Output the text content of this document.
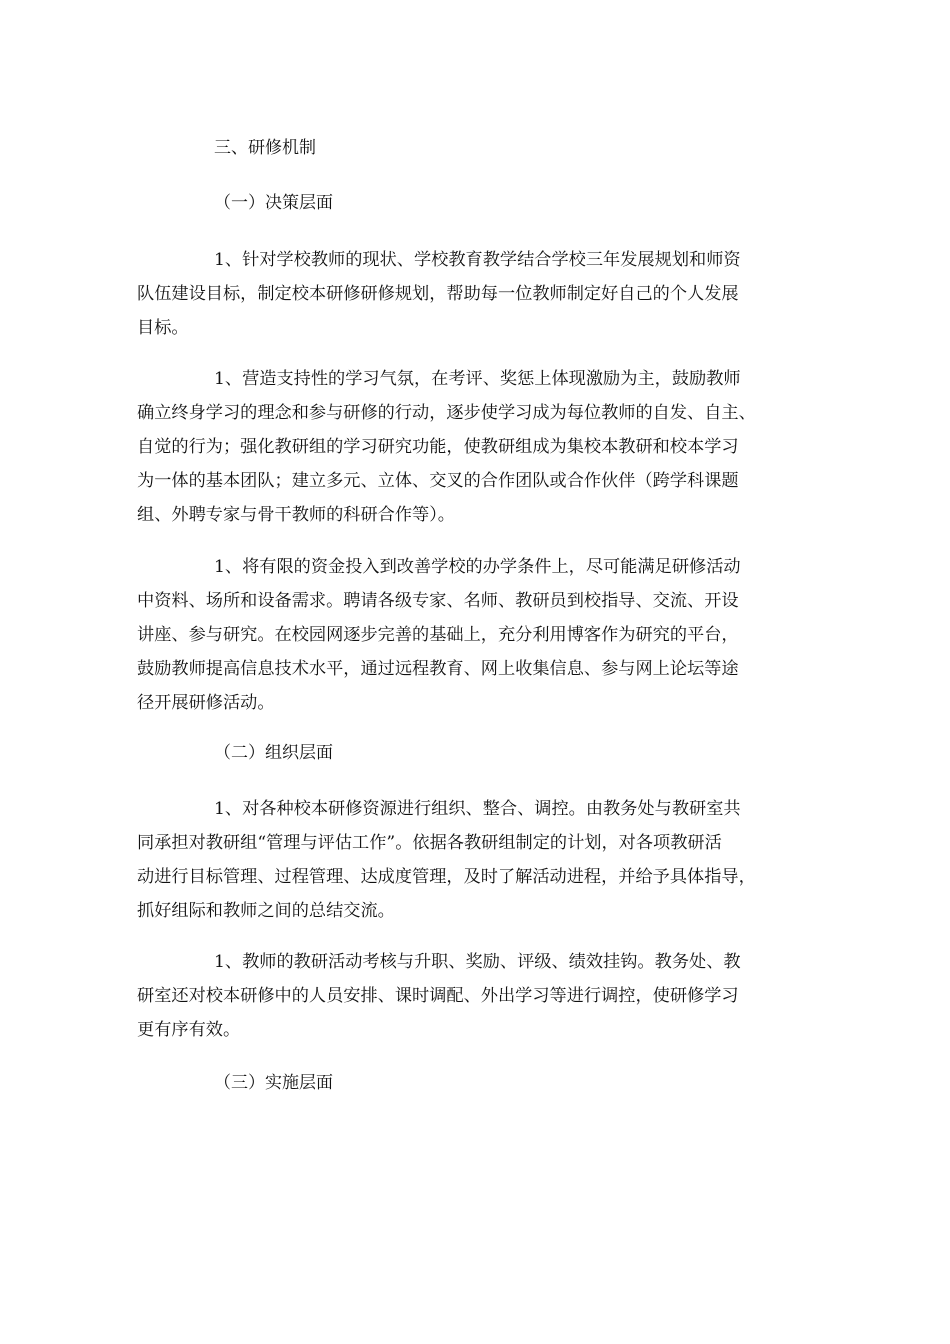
三、研修机制
（一）决策层面
1、针对学校教师的现状、学校教育教学结合学校三年发展规划和师资
队伍建设目标，制定校本研修研修规划，帮助每一位教师制定好自己的个人发展
目标。
1、营造支持性的学习气氛，在考评、奖惩上体现激励为主，鼓励教师
确立终身学习的理念和参与研修的行动，逐步使学习成为每位教师的自发、自主、
自觉的行为；强化教研组的学习研究功能，使教研组成为集校本教研和校本学习
为一体的基本团队；建立多元、立体、交叉的合作团队或合作伙伴（跨学科课题
组、外聘专家与骨干教师的科研合作等）。
1、将有限的资金投入到改善学校的办学条件上，尽可能满足研修活动
中资料、场所和设备需求。聘请各级专家、名师、教研员到校指导、交流、开设
讲座、参与研究。在校园网逐步完善的基础上，充分利用博客作为研究的平台，
鼓励教师提高信息技术水平，通过远程教育、网上收集信息、参与网上论坛等途
径开展研修活动。
（二）组织层面
1、对各种校本研修资源进行组织、整合、调控。由教务处与教研室共
同承担对教研组“管理与评估工作”。依据各教研组制定的计划，对各项教研活
动进行目标管理、过程管理、达成度管理，及时了解活动进程，并给予具体指导，
抓好组际和教师之间的总结交流。
1、教师的教研活动考核与升职、奖励、评级、绩效挂钩。教务处、教
研室还对校本研修中的人员安排、课时调配、外出学习等进行调控，使研修学习
更有序有效。
（三）实施层面
